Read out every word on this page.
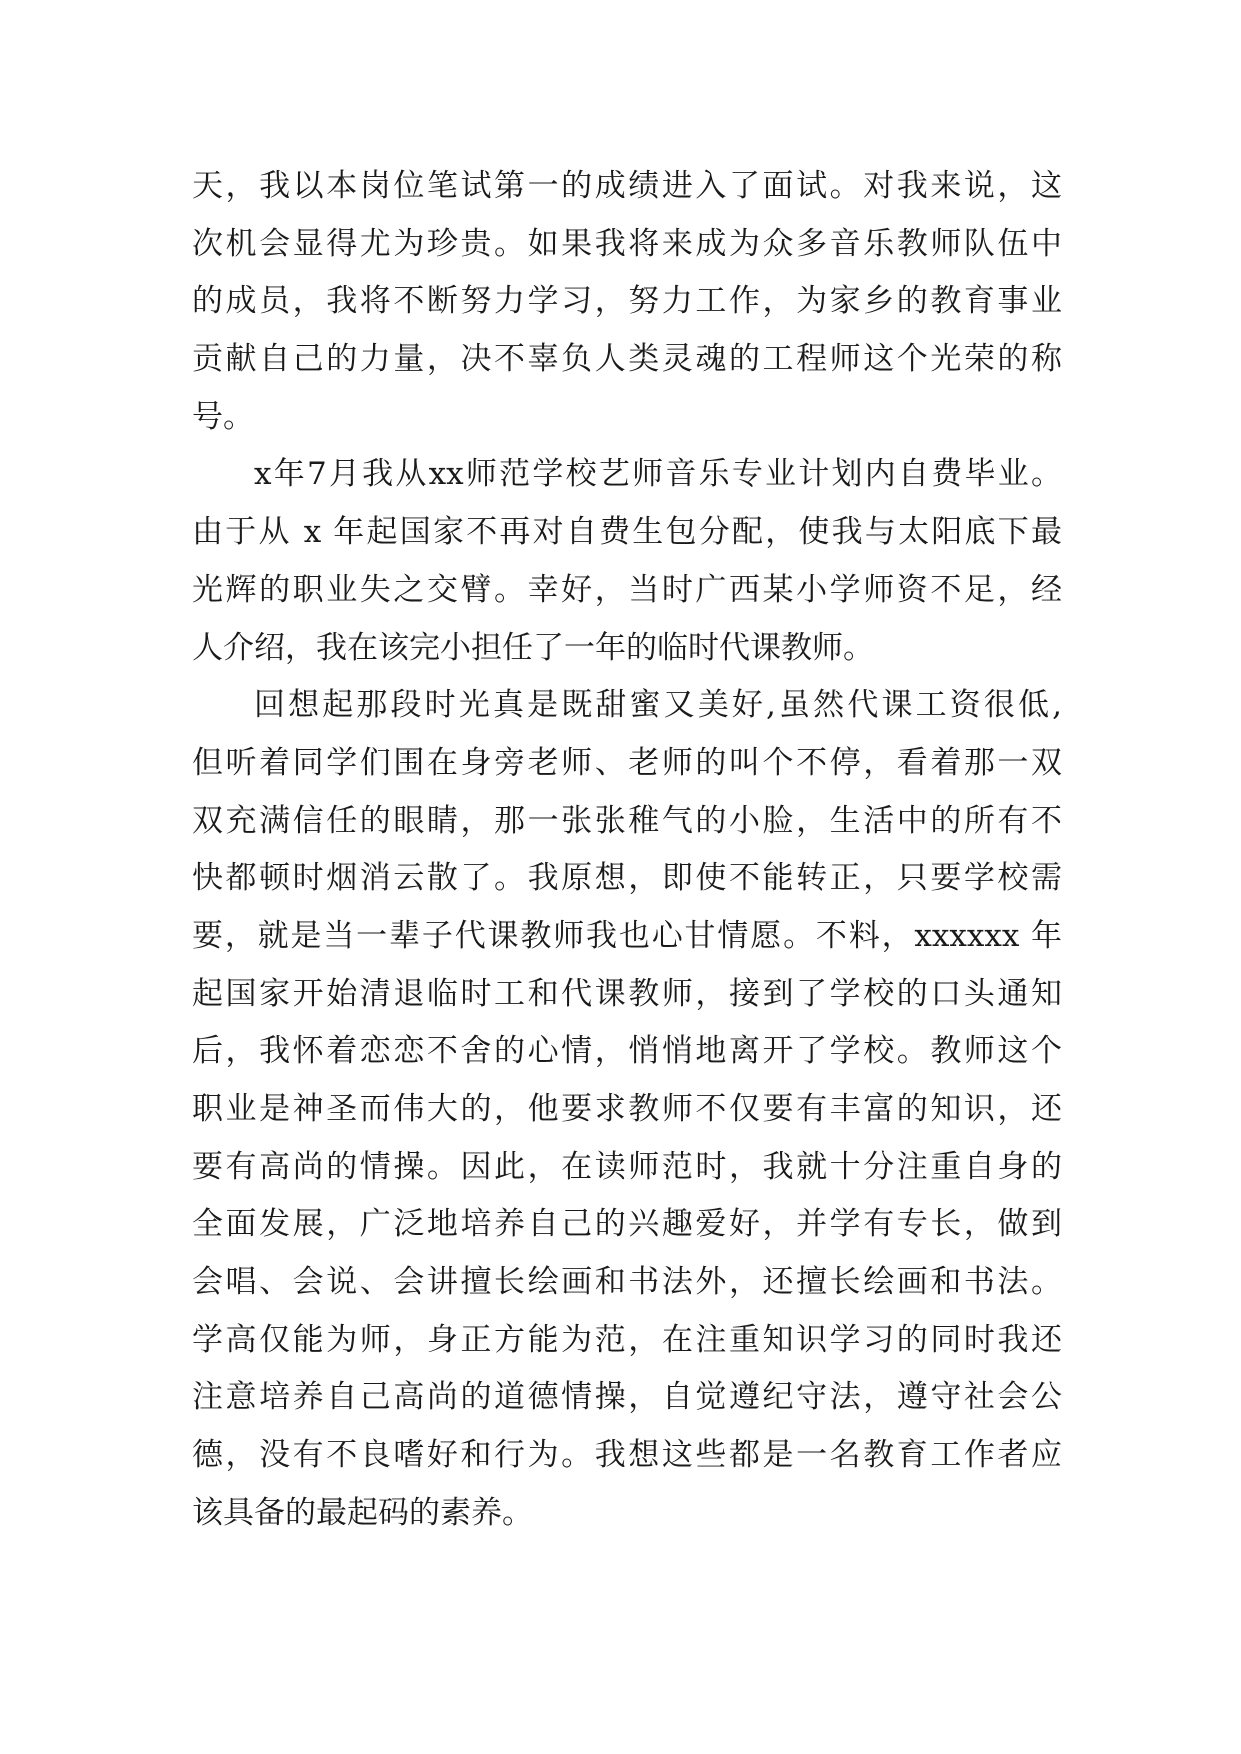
天，我以本岗位笔试第一的成绩进入了面试。对我来说，这
次机会显得尤为珍贵。如果我将来成为众多音乐教师队伍中
的成员，我将不断努力学习，努力工作，为家乡的教育事业
贡献自己的力量，决不辜负人类灵魂的工程师这个光荣的称
号。
x年7月我从xx师范学校艺师音乐专业计划内自费毕业。
由于从 x 年起国家不再对自费生包分配，使我与太阳底下最
光辉的职业失之交臂。幸好，当时广西某小学师资不足，经
人介绍，我在该完小担任了一年的临时代课教师。
回想起那段时光真是既甜蜜又美好,虽然代课工资很低,
但听着同学们围在身旁老师、老师的叫个不停，看着那一双
双充满信任的眼睛，那一张张稚气的小脸，生活中的所有不
快都顿时烟消云散了。我原想，即使不能转正，只要学校需
要，就是当一辈子代课教师我也心甘情愿。不料，xxxxxx 年
起国家开始清退临时工和代课教师，接到了学校的口头通知
后，我怀着恋恋不舍的心情，悄悄地离开了学校。教师这个
职业是神圣而伟大的，他要求教师不仅要有丰富的知识，还
要有高尚的情操。因此，在读师范时，我就十分注重自身的
全面发展，广泛地培养自己的兴趣爱好，并学有专长，做到
会唱、会说、会讲擅长绘画和书法外，还擅长绘画和书法。
学高仅能为师，身正方能为范，在注重知识学习的同时我还
注意培养自己高尚的道德情操，自觉遵纪守法，遵守社会公
德，没有不良嗜好和行为。我想这些都是一名教育工作者应
该具备的最起码的素养。
